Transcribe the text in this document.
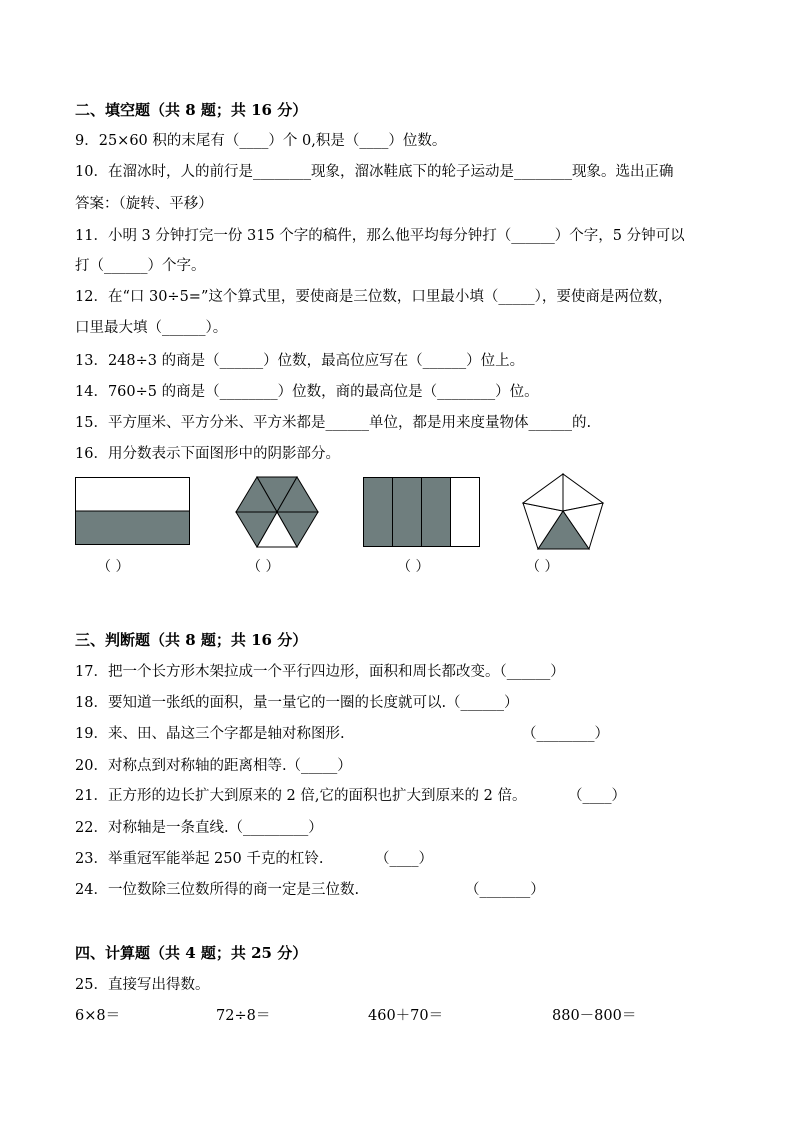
二、填空题（共 8 题；共 16 分）
9．25×60 积的末尾有（____）个 0,积是（____）位数。
10．在溜冰时，人的前行是________现象，溜冰鞋底下的轮子运动是________现象。选出正确
答案：（旋转、平移）
11．小明 3 分钟打完一份 315 个字的稿件，那么他平均每分钟打（______）个字，5 分钟可以
打（______）个字。
12．在“口 30÷5=”这个算式里，要使商是三位数，口里最小填（_____），要使商是两位数，
口里最大填（______）。
13．248÷3 的商是（______）位数，最高位应写在（______）位上。
14．760÷5 的商是（________）位数，商的最高位是（________）位。
15．平方厘米、平方分米、平方米都是______单位，都是用来度量物体______的.
16．用分数表示下面图形中的阴影部分。
（ ）	（ ）	（ ）	（ ）
三、判断题（共 8 题；共 16 分）
17．把一个长方形木架拉成一个平行四边形，面积和周长都改变。（______）
18．要知道一张纸的面积，量一量它的一圈的长度就可以.（______）
19．来、田、晶这三个字都是轴对称图形.	（________）
20．对称点到对称轴的距离相等.（_____）
21．正方形的边长扩大到原来的 2 倍,它的面积也扩大到原来的 2 倍。	（____）
22．对称轴是一条直线.（_________）
23．举重冠军能举起 250 千克的杠铃.	（____）
24．一位数除三位数所得的商一定是三位数.	（_______）
四、计算题（共 4 题；共 25 分）
25．直接写出得数。
6×8＝	72÷8＝	460＋70＝	880－800＝
